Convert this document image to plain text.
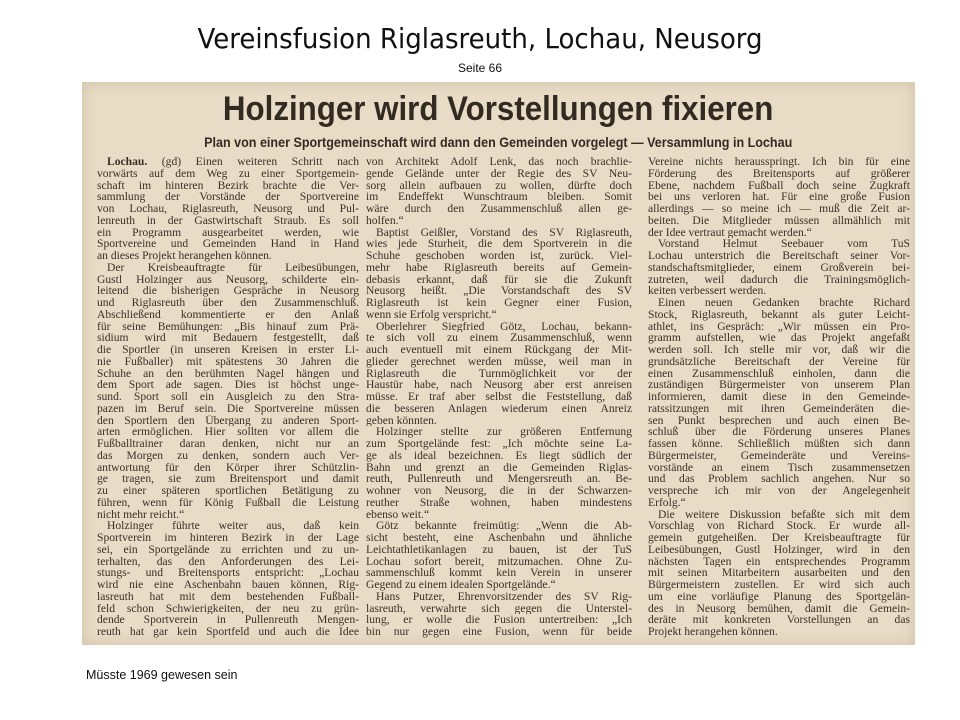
Vereinsfusion Riglasreuth, Lochau, Neusorg
Seite 66
Holzinger wird Vorstellungen fixieren
Plan von einer Sportgemeinschaft wird dann den Gemeinden vorgelegt — Versammlung in Lochau
Lochau. (gd) Einen weiteren Schritt nach
vorwärts auf dem Weg zu einer Sportgemein-
schaft im hinteren Bezirk brachte die Ver-
sammlung der Vorstände der Sportvereine
von Lochau, Riglasreuth, Neusorg und Pul-
lenreuth in der Gastwirtschaft Straub. Es soll
ein Programm ausgearbeitet werden, wie
Sportvereine und Gemeinden Hand in Hand
an dieses Projekt herangehen können.
Der Kreisbeauftragte für Leibesübungen,
Gustl Holzinger aus Neusorg, schilderte ein-
leitend die bisherigen Gespräche in Neusorg
und Riglasreuth über den Zusammenschluß.
Abschließend kommentierte er den Anlaß
für seine Bemühungen: „Bis hinauf zum Prä-
sidium wird mit Bedauern festgestellt, daß
die Sportler (in unseren Kreisen in erster Li-
nie Fußballer) mit spätestens 30 Jahren die
Schuhe an den berühmten Nagel hängen und
dem Sport ade sagen. Dies ist höchst unge-
sund. Sport soll ein Ausgleich zu den Stra-
pazen im Beruf sein. Die Sportvereine müssen
den Sportlern den Übergang zu anderen Sport-
arten ermöglichen. Hier sollten vor allem die
Fußballtrainer daran denken, nicht nur an
das Morgen zu denken, sondern auch Ver-
antwortung für den Körper ihrer Schützlin-
ge tragen, sie zum Breitensport und damit
zu einer späteren sportlichen Betätigung zu
führen, wenn für König Fußball die Leistung
nicht mehr reicht.“
Holzinger führte weiter aus, daß kein
Sportverein im hinteren Bezirk in der Lage
sei, ein Sportgelände zu errichten und zu un-
terhalten, das den Anforderungen des Lei-
stungs- und Breitensports entspricht: „Lochau
wird nie eine Aschenbahn bauen können, Rig-
lasreuth hat mit dem bestehenden Fußball-
feld schon Schwierigkeiten, der neu zu grün-
dende Sportverein in Pullenreuth Mengen-
reuth hat gar kein Sportfeld und auch die Idee
von Architekt Adolf Lenk, das noch brachlie-
gende Gelände unter der Regie des SV Neu-
sorg allein aufbauen zu wollen, dürfte doch
im Endeffekt Wunschtraum bleiben. Somit
wäre durch den Zusammenschluß allen ge-
holfen.“
Baptist Geißler, Vorstand des SV Riglasreuth,
wies jede Sturheit, die dem Sportverein in die
Schuhe geschoben worden ist, zurück. Viel-
mehr habe Riglasreuth bereits auf Gemein-
debasis erkannt, daß für sie die Zukunft
Neusorg heißt. „Die Vorstandschaft des SV
Riglasreuth ist kein Gegner einer Fusion,
wenn sie Erfolg verspricht.“
Oberlehrer Siegfried Götz, Lochau, bekann-
te sich voll zu einem Zusammenschluß, wenn
auch eventuell mit einem Rückgang der Mit-
glieder gerechnet werden müsse, weil man in
Riglasreuth die Turnmöglichkeit vor der
Haustür habe, nach Neusorg aber erst anreisen
müsse. Er traf aber selbst die Feststellung, daß
die besseren Anlagen wiederum einen Anreiz
geben könnten.
Holzinger stellte zur größeren Entfernung
zum Sportgelände fest: „Ich möchte seine La-
ge als ideal bezeichnen. Es liegt südlich der
Bahn und grenzt an die Gemeinden Riglas-
reuth, Pullenreuth und Mengersreuth an. Be-
wohner von Neusorg, die in der Schwarzen-
reuther Straße wohnen, haben mindestens
ebenso weit.“
Götz bekannte freimütig: „Wenn die Ab-
sicht besteht, eine Aschenbahn und ähnliche
Leichtathletikanlagen zu bauen, ist der TuS
Lochau sofort bereit, mitzumachen. Ohne Zu-
sammenschluß kommt kein Verein in unserer
Gegend zu einem idealen Sportgelände.“
Hans Putzer, Ehrenvorsitzender des SV Rig-
lasreuth, verwahrte sich gegen die Unterstel-
lung, er wolle die Fusion untertreiben: „Ich
bin nur gegen eine Fusion, wenn für beide
Vereine nichts herausspringt. Ich bin für eine
Förderung des Breitensports auf größerer
Ebene, nachdem Fußball doch seine Zugkraft
bei uns verloren hat. Für eine große Fusion
allerdings — so meine ich — muß die Zeit ar-
beiten. Die Mitglieder müssen allmählich mit
der Idee vertraut gemacht werden.“
Vorstand Helmut Seebauer vom TuS
Lochau unterstrich die Bereitschaft seiner Vor-
standschaftsmitglieder, einem Großverein bei-
zutreten, weil dadurch die Trainingsmöglich-
keiten verbessert werden.
Einen neuen Gedanken brachte Richard
Stock, Riglasreuth, bekannt als guter Leicht-
athlet, ins Gespräch: „Wir müssen ein Pro-
gramm aufstellen, wie das Projekt angefaßt
werden soll. Ich stelle mir vor, daß wir die
grundsätzliche Bereitschaft der Vereine für
einen Zusammenschluß einholen, dann die
zuständigen Bürgermeister von unserem Plan
informieren, damit diese in den Gemeinde-
ratssitzungen mit ihren Gemeinderäten die-
sen Punkt besprechen und auch einen Be-
schluß über die Förderung unseres Planes
fassen könne. Schließlich müßten sich dann
Bürgermeister, Gemeinderäte und Vereins-
vorstände an einem Tisch zusammensetzen
und das Problem sachlich angehen. Nur so
verspreche ich mir von der Angelegenheit
Erfolg.“
Die weitere Diskussion befaßte sich mit dem
Vorschlag von Richard Stock. Er wurde all-
gemein gutgeheißen. Der Kreisbeauftragte für
Leibesübungen, Gustl Holzinger, wird in den
nächsten Tagen ein entsprechendes Programm
mit seinen Mitarbeitern ausarbeiten und den
Bürgermeistern zustellen. Er wird sich auch
um eine vorläufige Planung des Sportgelän-
des in Neusorg bemühen, damit die Gemein-
deräte mit konkreten Vorstellungen an das
Projekt herangehen können.
Müsste 1969 gewesen sein
